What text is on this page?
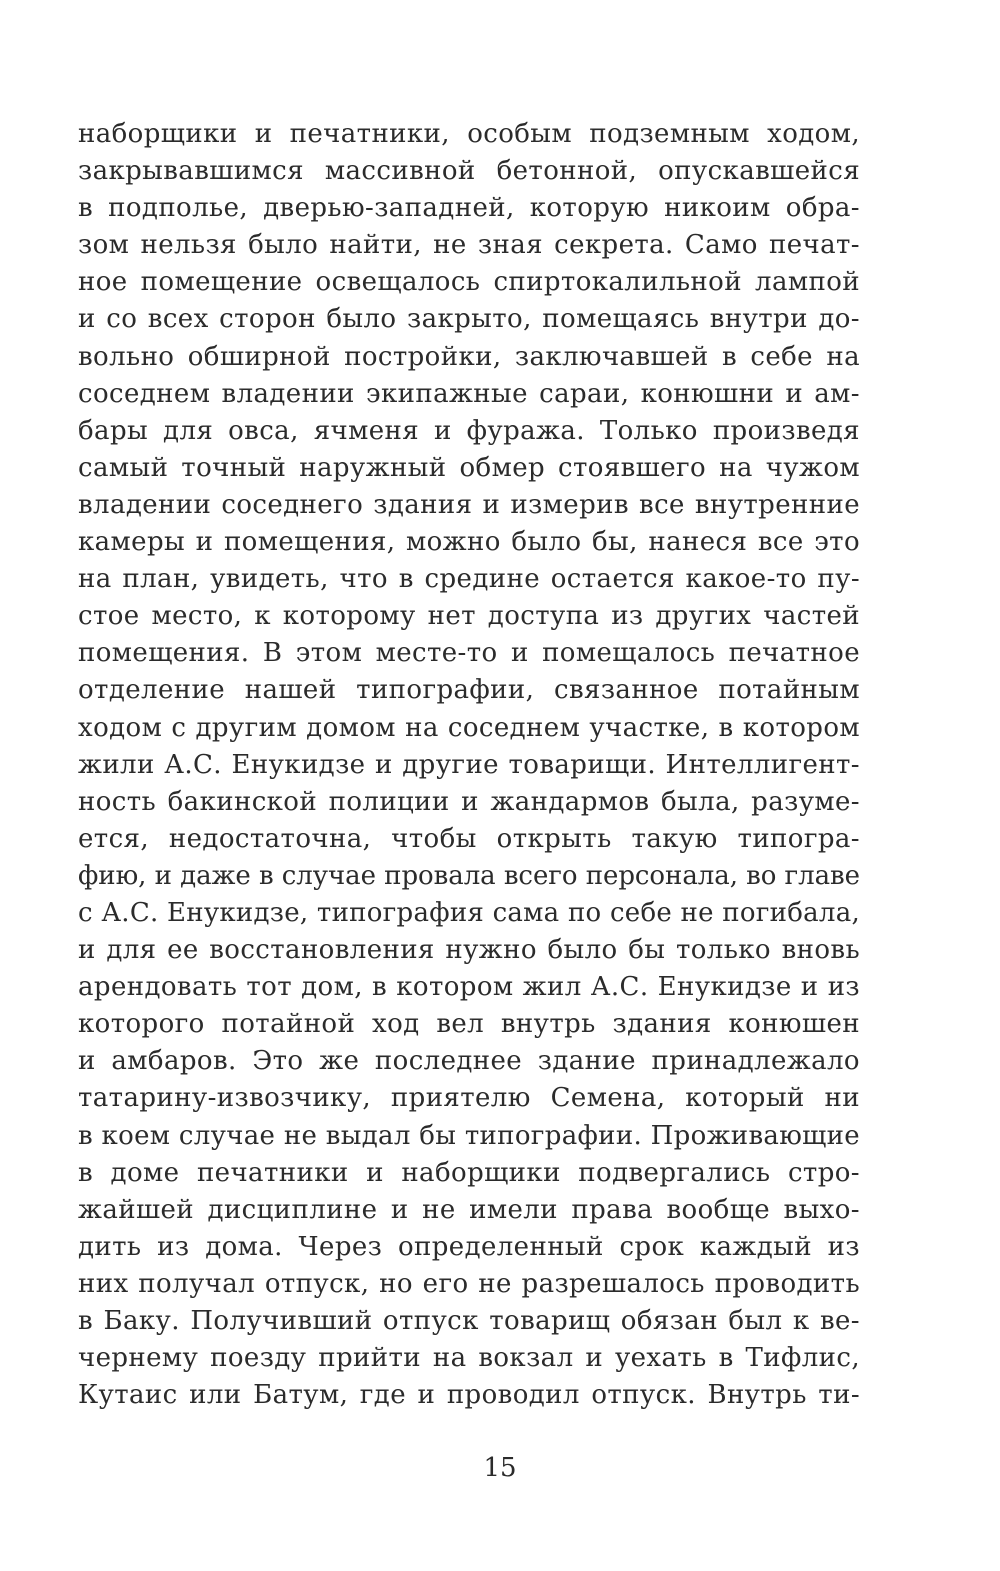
наборщики и печатники, особым подземным ходом,
закрывавшимся массивной бетонной, опускавшейся
в подполье, дверью-западней, которую никоим обра-
зом нельзя было найти, не зная секрета. Само печат-
ное помещение освещалось спиртокалильной лампой
и со всех сторон было закрыто, помещаясь внутри до-
вольно обширной постройки, заключавшей в себе на
соседнем владении экипажные сараи, конюшни и ам-
бары для овса, ячменя и фуража. Только произведя
самый точный наружный обмер стоявшего на чужом
владении соседнего здания и измерив все внутренние
камеры и помещения, можно было бы, нанеся все это
на план, увидеть, что в средине остается какое-то пу-
стое место, к которому нет доступа из других частей
помещения. В этом месте-то и помещалось печатное
отделение нашей типографии, связанное потайным
ходом с другим домом на соседнем участке, в котором
жили А.С. Енукидзе и другие товарищи. Интеллигент-
ность бакинской полиции и жандармов была, разуме-
ется, недостаточна, чтобы открыть такую типогра-
фию, и даже в случае провала всего персонала, во главе
с А.С. Енукидзе, типография сама по себе не погибала,
и для ее восстановления нужно было бы только вновь
арендовать тот дом, в котором жил А.С. Енукидзе и из
которого потайной ход вел внутрь здания конюшен
и амбаров. Это же последнее здание принадлежало
татарину-извозчику, приятелю Семена, который ни
в коем случае не выдал бы типографии. Проживающие
в доме печатники и наборщики подвергались стро-
жайшей дисциплине и не имели права вообще выхо-
дить из дома. Через определенный срок каждый из
них получал отпуск, но его не разрешалось проводить
в Баку. Получивший отпуск товарищ обязан был к ве-
чернему поезду прийти на вокзал и уехать в Тифлис,
Кутаис или Батум, где и проводил отпуск. Внутрь ти-
15
